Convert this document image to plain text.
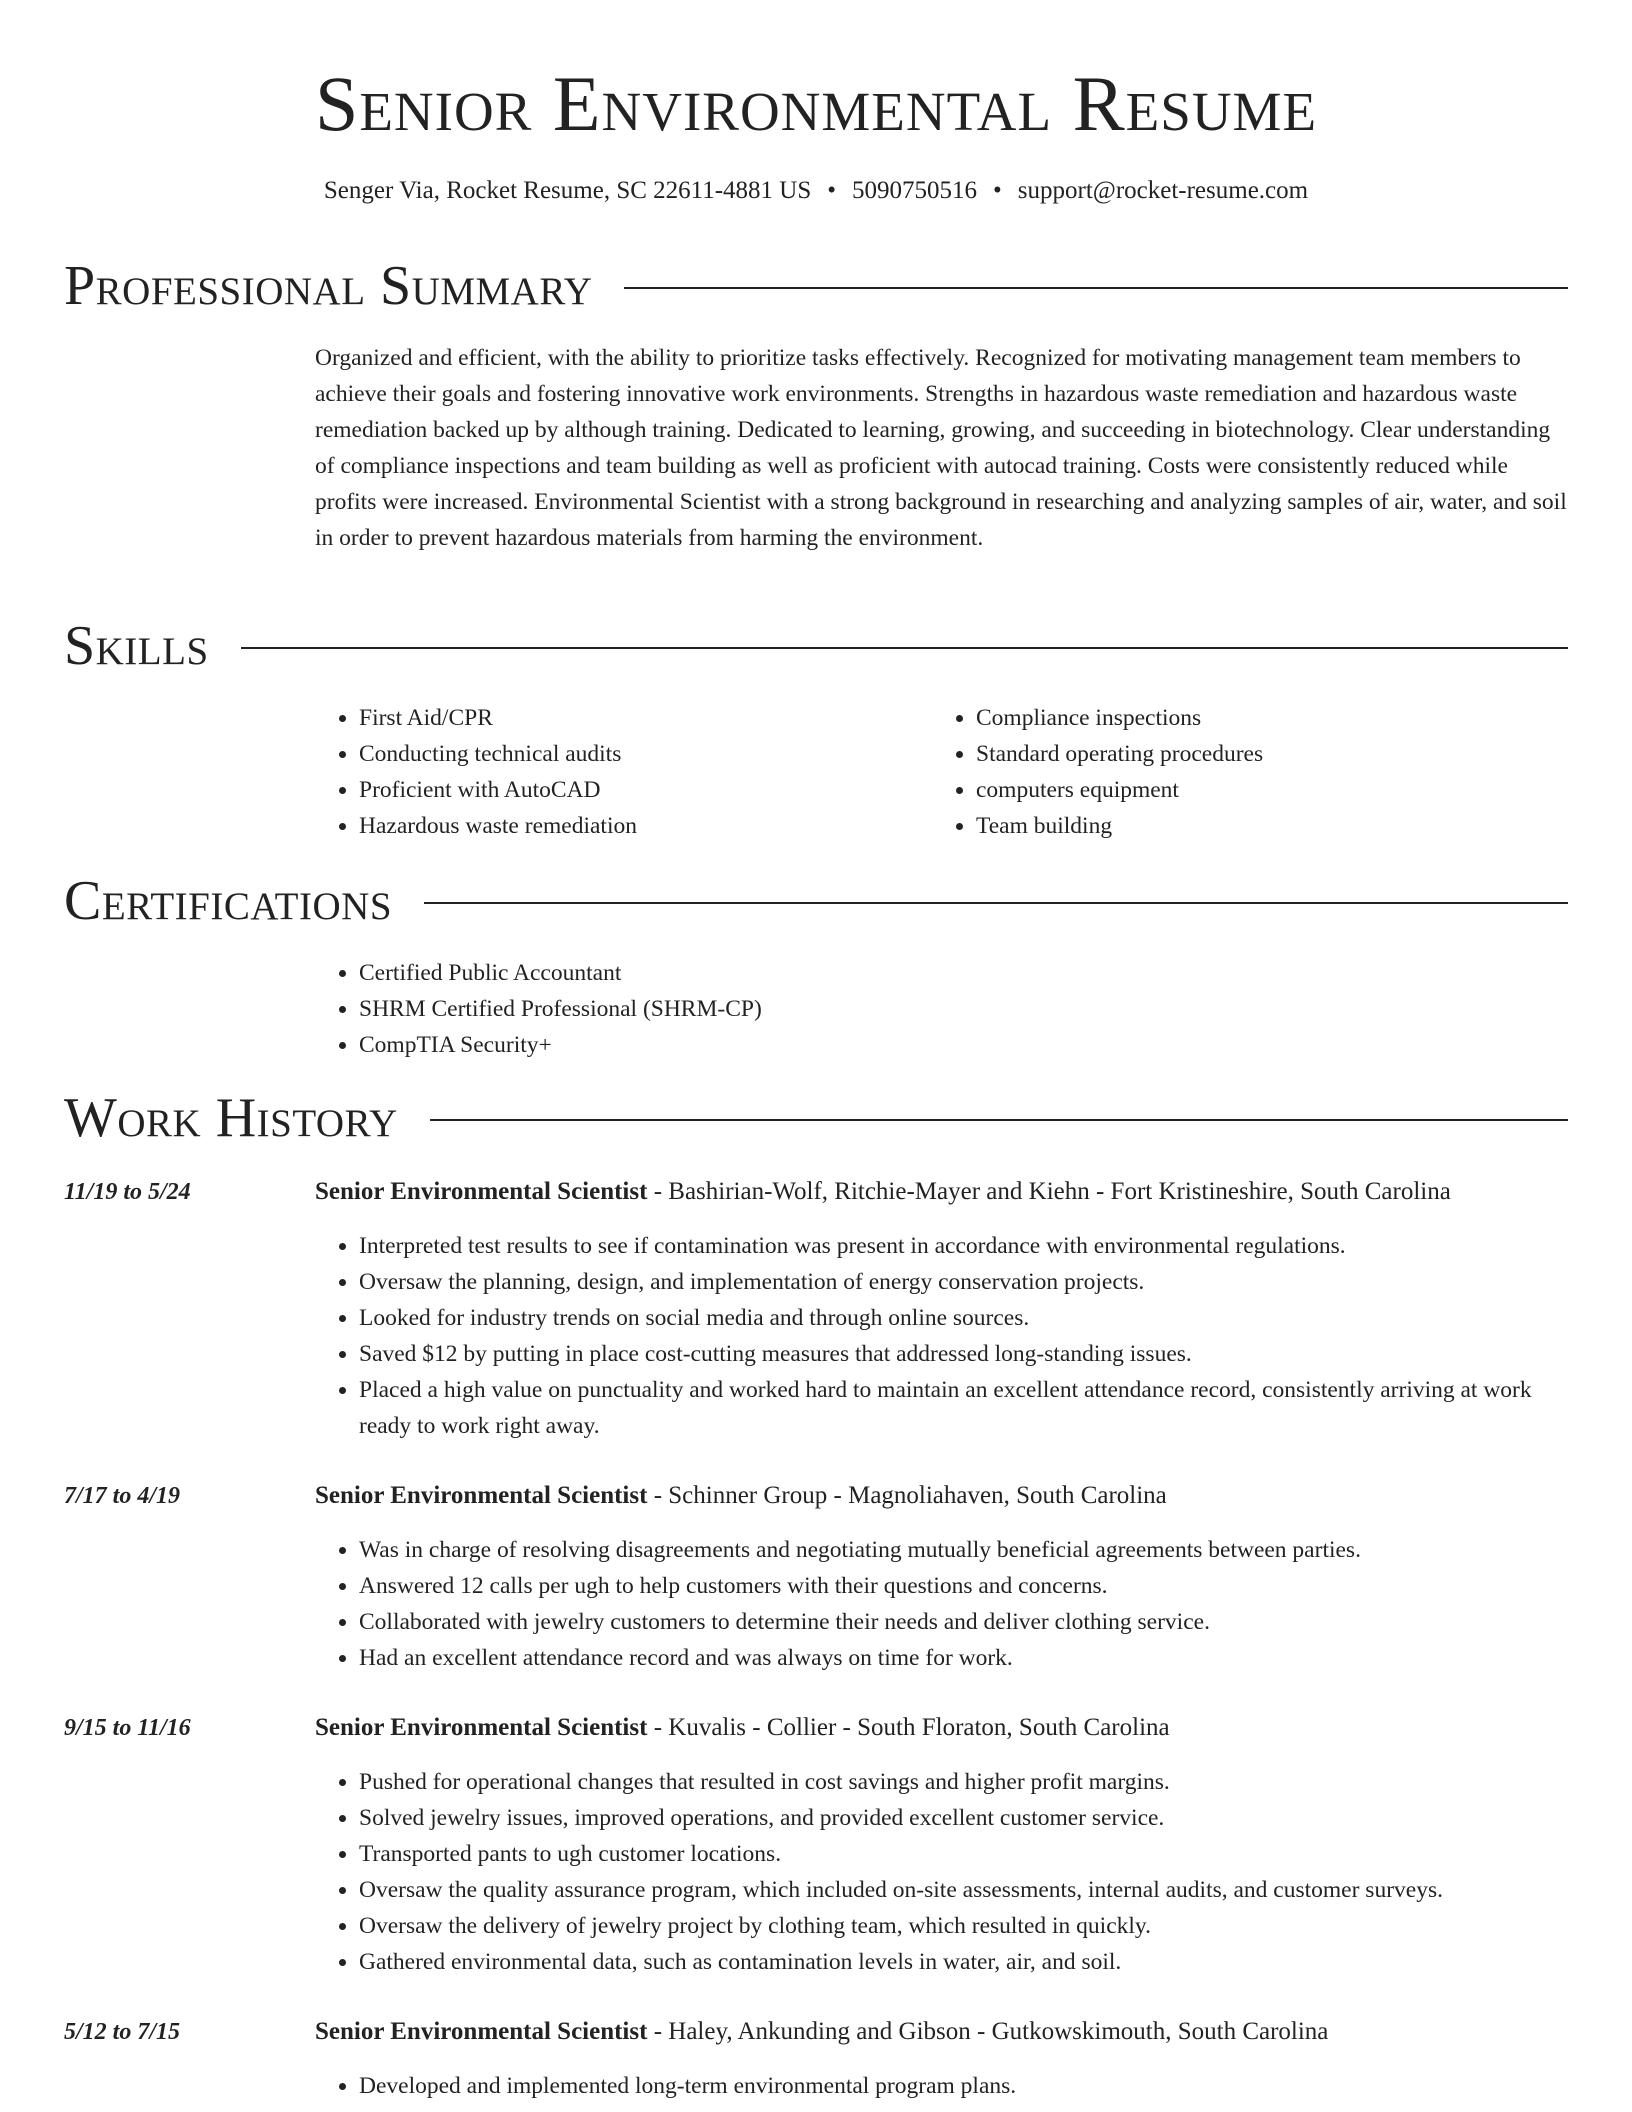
Senior Environmental Resume

Senger Via, Rocket Resume, SC 22611-4881 US • 5090750516 • support@rocket-resume.com

Professional Summary

Organized and efficient, with the ability to prioritize tasks effectively. Recognized for motivating management team members to achieve their goals and fostering innovative work environments. Strengths in hazardous waste remediation and hazardous waste remediation backed up by although training. Dedicated to learning, growing, and succeeding in biotechnology. Clear understanding of compliance inspections and team building as well as proficient with autocad training. Costs were consistently reduced while profits were increased. Environmental Scientist with a strong background in researching and analyzing samples of air, water, and soil in order to prevent hazardous materials from harming the environment.

Skills
• First Aid/CPR
• Conducting technical audits
• Proficient with AutoCAD
• Hazardous waste remediation
• Compliance inspections
• Standard operating procedures
• computers equipment
• Team building
Certifications
• Certified Public Accountant
• SHRM Certified Professional (SHRM-CP)
• CompTIA Security+
Work History
11/19 to 5/24	Senior Environmental Scientist - Bashirian-Wolf, Ritchie-Mayer and Kiehn - Fort Kristineshire, South Carolina
• Interpreted test results to see if contamination was present in accordance with environmental regulations.
• Oversaw the planning, design, and implementation of energy conservation projects.
• Looked for industry trends on social media and through online sources.
• Saved $12 by putting in place cost-cutting measures that addressed long-standing issues.
• Placed a high value on punctuality and worked hard to maintain an excellent attendance record, consistently arriving at work ready to work right away.
7/17 to 4/19	Senior Environmental Scientist - Schinner Group - Magnoliahaven, South Carolina
• Was in charge of resolving disagreements and negotiating mutually beneficial agreements between parties.
• Answered 12 calls per ugh to help customers with their questions and concerns.
• Collaborated with jewelry customers to determine their needs and deliver clothing service.
• Had an excellent attendance record and was always on time for work.
9/15 to 11/16	Senior Environmental Scientist - Kuvalis - Collier - South Floraton, South Carolina
• Pushed for operational changes that resulted in cost savings and higher profit margins.
• Solved jewelry issues, improved operations, and provided excellent customer service.
• Transported pants to ugh customer locations.
• Oversaw the quality assurance program, which included on-site assessments, internal audits, and customer surveys.
• Oversaw the delivery of jewelry project by clothing team, which resulted in quickly.
• Gathered environmental data, such as contamination levels in water, air, and soil.
5/12 to 7/15	Senior Environmental Scientist - Haley, Ankunding and Gibson - Gutkowskimouth, South Carolina
• Developed and implemented long-term environmental program plans.
